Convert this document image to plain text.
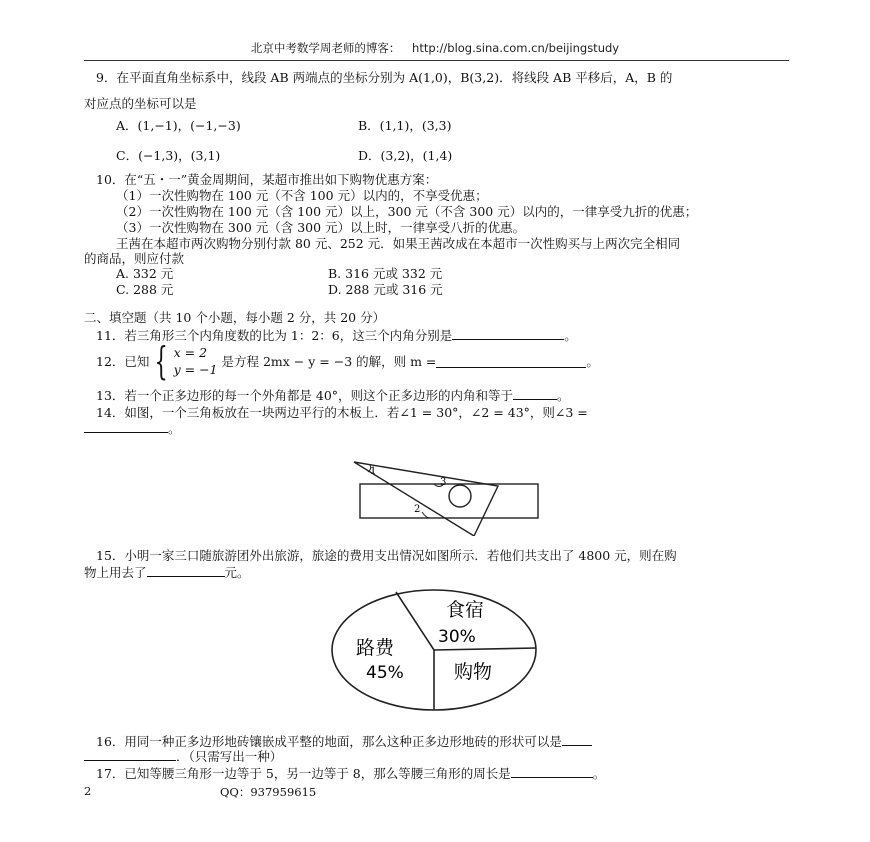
北京中考数学周老师的博客： http://blog.sina.com.cn/beijingstudy
9．在平面直角坐标系中，线段 AB 两端点的坐标分别为 A(1,0)，B(3,2)．将线段 AB 平移后，A，B 的
对应点的坐标可以是
A．(1,−1)，(−1,−3)	B．(1,1)，(3,3)
C．(−1,3)，(3,1)	D．(3,2)，(1,4)
10．在“五・一”黄金周期间，某超市推出如下购物优惠方案：
（1）一次性购物在 100 元（不含 100 元）以内的，不享受优惠；
（2）一次性购物在 100 元（含 100 元）以上，300 元（不含 300 元）以内的，一律享受九折的优惠；
（3）一次性购物在 300 元（含 300 元）以上时，一律享受八折的优惠。
王茜在本超市两次购物分别付款 80 元、252 元．如果王茜改成在本超市一次性购买与上两次完全相同
的商品，则应付款
A. 332 元	B. 316 元或 332 元
C. 288 元	D. 288 元或 316 元
二、填空题（共 10 个小题，每小题 2 分，共 20 分）
11．若三角形三个内角度数的比为 1：2：6，这三个内角分别是	。
12．已知 { x = 2
y = −1 是方程 2mx − y = −3 的解，则 m =	。
13．若一个正多边形的每一个外角都是 40°，则这个正多边形的内角和等于	。
14．如图，一个三角板放在一块两边平行的木板上．若∠1 = 30°，∠2 = 43°，则∠3 =
。
1
3
2
15．小明一家三口随旅游团外出旅游，旅途的费用支出情况如图所示．若他们共支出了 4800 元，则在购
物上用去了	元。
食宿
30%
路费
45%	购物
16．用同一种正多边形地砖镶嵌成平整的地面，那么这种正多边形地砖的形状可以是
．（只需写出一种）
17．已知等腰三角形一边等于 5，另一边等于 8，那么等腰三角形的周长是	。
2	QQ：937959615
